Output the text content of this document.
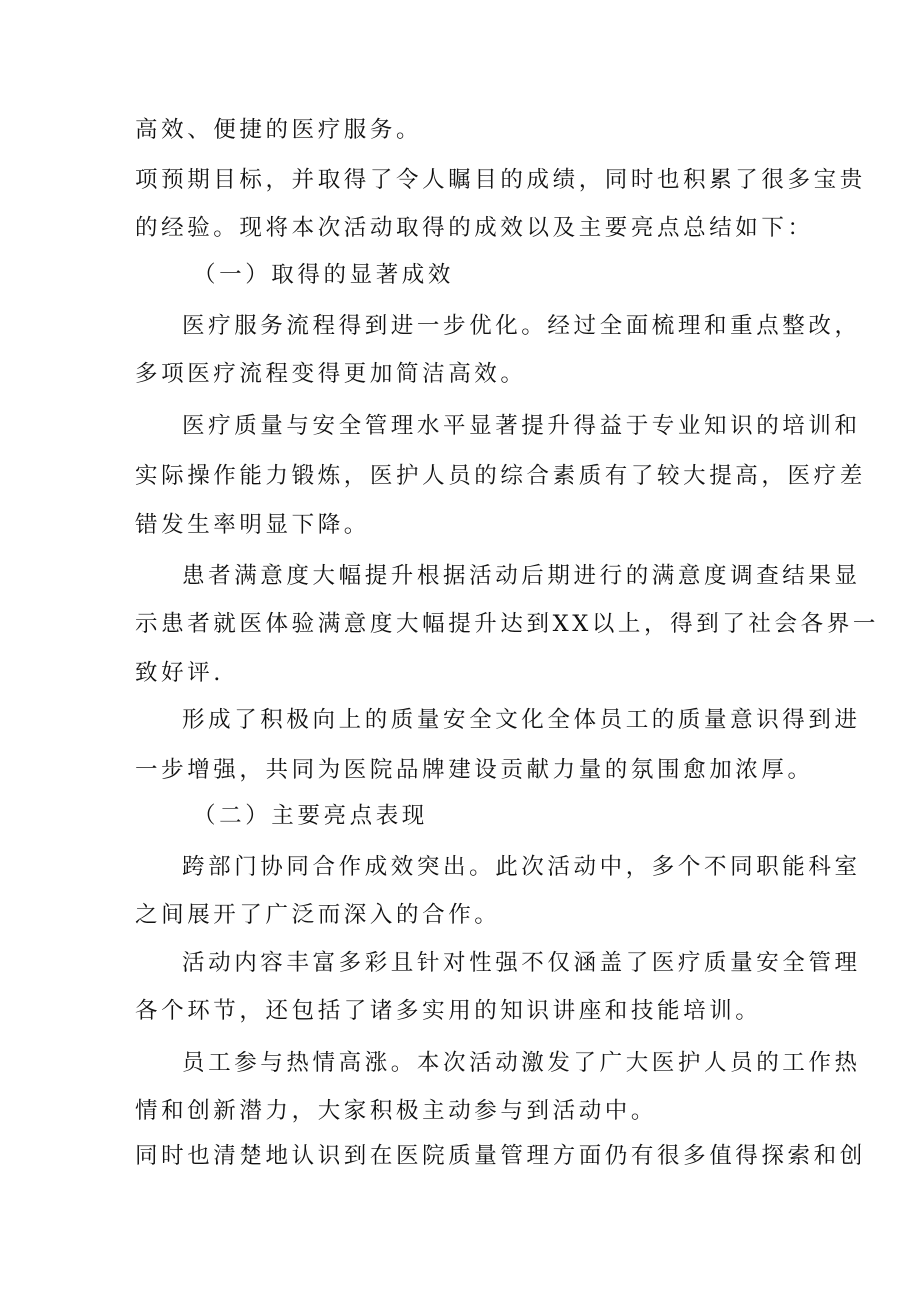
高效、便捷的医疗服务。
项预期目标，并取得了令人瞩目的成绩，同时也积累了很多宝贵
的经验。现将本次活动取得的成效以及主要亮点总结如下：
（一）取得的显著成效
医疗服务流程得到进一步优化。经过全面梳理和重点整改，
多项医疗流程变得更加简洁高效。
医疗质量与安全管理水平显著提升得益于专业知识的培训和
实际操作能力锻炼，医护人员的综合素质有了较大提高，医疗差
错发生率明显下降。
患者满意度大幅提升根据活动后期进行的满意度调查结果显
示患者就医体验满意度大幅提升达到XX以上，得到了社会各界一
致好评.
形成了积极向上的质量安全文化全体员工的质量意识得到进
一步增强，共同为医院品牌建设贡献力量的氛围愈加浓厚。
（二）主要亮点表现
跨部门协同合作成效突出。此次活动中，多个不同职能科室
之间展开了广泛而深入的合作。
活动内容丰富多彩且针对性强不仅涵盖了医疗质量安全管理
各个环节，还包括了诸多实用的知识讲座和技能培训。
员工参与热情高涨。本次活动激发了广大医护人员的工作热
情和创新潜力，大家积极主动参与到活动中。
同时也清楚地认识到在医院质量管理方面仍有很多值得探索和创
